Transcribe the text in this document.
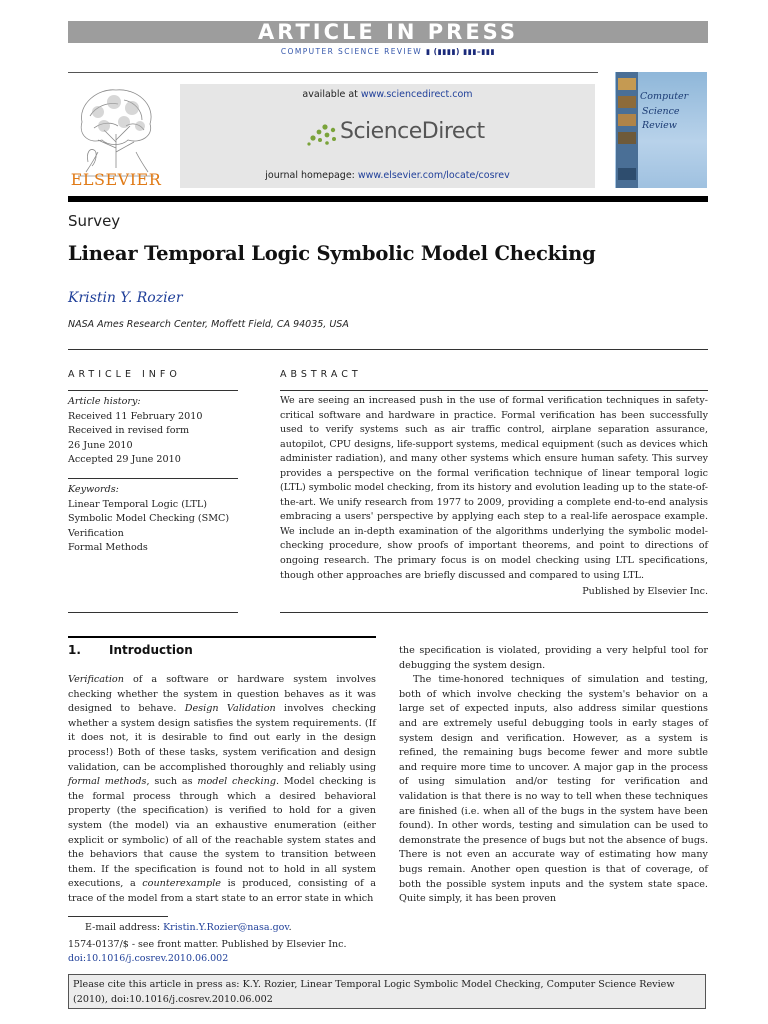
ARTICLE IN PRESS
COMPUTER SCIENCE REVIEW ▮ (▮▮▮▮) ▮▮▮–▮▮▮
ELSEVIER
available at www.sciencedirect.com
ScienceDirect
journal homepage: www.elsevier.com/locate/cosrev
Computer
Science
Review
Survey
Linear Temporal Logic Symbolic Model Checking
Kristin Y. Rozier
NASA Ames Research Center, Moffett Field, CA 94035, USA
ARTICLE INFO	ABSTRACT
Article history:
Received 11 February 2010
Received in revised form
26 June 2010
Accepted 29 June 2010
Keywords:
Linear Temporal Logic (LTL)
Symbolic Model Checking (SMC)
Verification
Formal Methods
We are seeing an increased push in the use of formal verification techniques in safety-critical software and hardware in practice. Formal verification has been successfully used to verify systems such as air traffic control, airplane separation assurance, autopilot, CPU designs, life-support systems, medical equipment (such as devices which administer radiation), and many other systems which ensure human safety. This survey provides a perspective on the formal verification technique of linear temporal logic (LTL) symbolic model checking, from its history and evolution leading up to the state-of-the-art. We unify research from 1977 to 2009, providing a complete end-to-end analysis embracing a users' perspective by applying each step to a real-life aerospace example. We include an in-depth examination of the algorithms underlying the symbolic model-checking procedure, show proofs of important theorems, and point to directions of ongoing research. The primary focus is on model checking using LTL specifications, though other approaches are briefly discussed and compared to using LTL.
Published by Elsevier Inc.
1. Introduction

Verification of a software or hardware system involves checking whether the system in question behaves as it was designed to behave. Design Validation involves checking whether a system design satisfies the system requirements. (If it does not, it is desirable to find out early in the design process!) Both of these tasks, system verification and design validation, can be accomplished thoroughly and reliably using formal methods, such as model checking. Model checking is the formal process through which a desired behavioral property (the specification) is verified to hold for a given system (the model) via an exhaustive enumeration (either explicit or symbolic) of all of the reachable system states and the behaviors that cause the system to transition between them. If the specification is found not to hold in all system executions, a counterexample is produced, consisting of a trace of the model from a start state to an error state in which

the specification is violated, providing a very helpful tool for debugging the system design.

The time-honored techniques of simulation and testing, both of which involve checking the system's behavior on a large set of expected inputs, also address similar questions and are extremely useful debugging tools in early stages of system design and verification. However, as a system is refined, the remaining bugs become fewer and more subtle and require more time to uncover. A major gap in the process of using simulation and/or testing for verification and validation is that there is no way to tell when these techniques are finished (i.e. when all of the bugs in the system have been found). In other words, testing and simulation can be used to demonstrate the presence of bugs but not the absence of bugs. There is not even an accurate way of estimating how many bugs remain. Another open question is that of coverage, of both the possible system inputs and the system state space. Quite simply, it has been proven

E-mail address: Kristin.Y.Rozier@nasa.gov.
1574-0137/$ - see front matter. Published by Elsevier Inc.
doi:10.1016/j.cosrev.2010.06.002
Please cite this article in press as: K.Y. Rozier, Linear Temporal Logic Symbolic Model Checking, Computer Science Review (2010), doi:10.1016/j.cosrev.2010.06.002
